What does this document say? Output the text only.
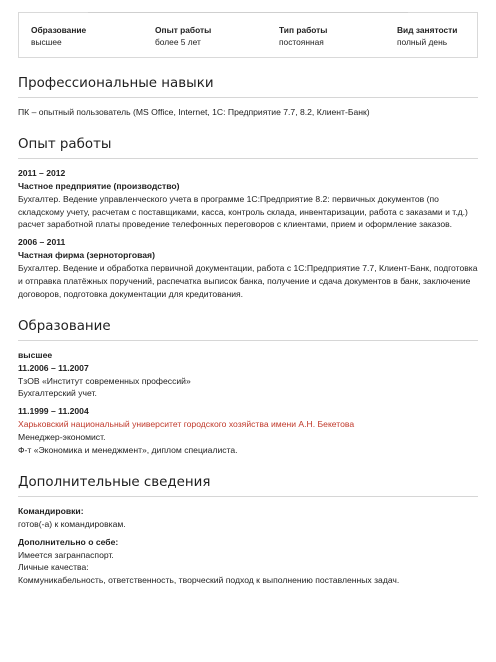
Образование
высшее
Опыт работы
более 5 лет
Тип работы
постоянная
Вид занятости
полный день
Профессиональные навыки

ПК – опытный пользователь (MS Office, Internet, 1С: Предприятие 7.7, 8.2, Клиент-Банк)

Опыт работы

2011 – 2012

Частное предприятие (производство)

Бухгалтер. Ведение управленческого учета в программе 1С:Предприятие 8.2: первичных документов (по складскому учету, расчетам с поставщиками, касса, контроль склада, инвентаризации, работа с заказами и т.д.) расчет заработной платы проведение телефонных переговоров с клиентами, прием и оформление заказов.

2006 – 2011

Частная фирма (зерноторговая)

Бухгалтер. Ведение и обработка первичной документации, работа с 1С:Предприятие 7.7, Клиент-Банк, подготовка и отправка платёжных поручений, распечатка выписок банка, получение и сдача документов в банк, заключение договоров, подготовка документации для кредитования.

Образование

высшее

11.2006 – 11.2007

ТзОВ «Институт современных профессий»

Бухгалтерский учет.

11.1999 – 11.2004

Харьковский национальный университет городского хозяйства имени А.Н. Бекетова

Менеджер-экономист.

Ф-т «Экономика и менеджмент», диплом специалиста.

Дополнительные сведения

Командировки:

готов(-а) к командировкам.

Дополнительно о себе:

Имеется загранпаспорт.

Личные качества:

Коммуникабельность, ответственность, творческий подход к выполнению поставленных задач.
